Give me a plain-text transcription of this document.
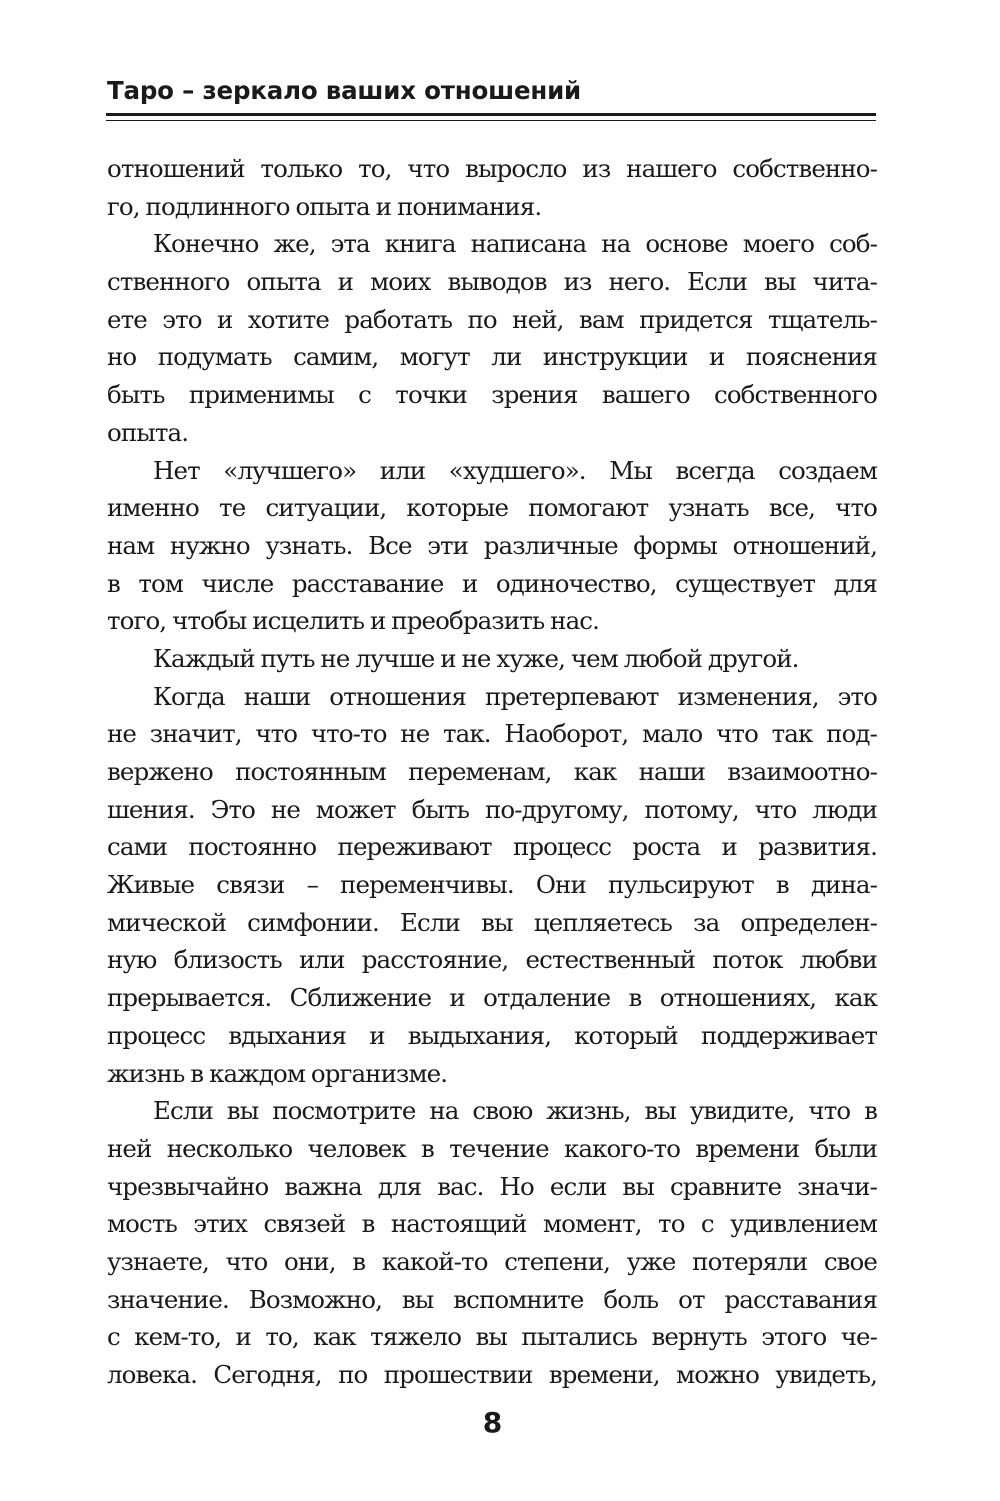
Таро – зеркало ваших отношений
отношений только то, что выросло из нашего собственно-
го, подлинного опыта и понимания.
Конечно же, эта книга написана на основе моего соб-
ственного опыта и моих выводов из него. Если вы чита-
ете это и хотите работать по ней, вам придется тщатель-
но подумать самим, могут ли инструкции и пояснения
быть применимы с точки зрения вашего собственного
опыта.
Нет «лучшего» или «худшего». Мы всегда создаем
именно те ситуации, которые помогают узнать все, что
нам нужно узнать. Все эти различные формы отношений,
в том числе расставание и одиночество, существует для
того, чтобы исцелить и преобразить нас.
Каждый путь не лучше и не хуже, чем любой другой.
Когда наши отношения претерпевают изменения, это
не значит, что что-то не так. Наоборот, мало что так под-
вержено постоянным переменам, как наши взаимоотно-
шения. Это не может быть по-другому, потому, что люди
сами постоянно переживают процесс роста и развития.
Живые связи – переменчивы. Они пульсируют в дина-
мической симфонии. Если вы цепляетесь за определен-
ную близость или расстояние, естественный поток любви
прерывается. Сближение и отдаление в отношениях, как
процесс вдыхания и выдыхания, который поддерживает
жизнь в каждом организме.
Если вы посмотрите на свою жизнь, вы увидите, что в
ней несколько человек в течение какого-то времени были
чрезвычайно важна для вас. Но если вы сравните значи-
мость этих связей в настоящий момент, то с удивлением
узнаете, что они, в какой-то степени, уже потеряли свое
значение. Возможно, вы вспомните боль от расставания
с кем-то, и то, как тяжело вы пытались вернуть этого че-
ловека. Сегодня, по прошествии времени, можно увидеть,
8
